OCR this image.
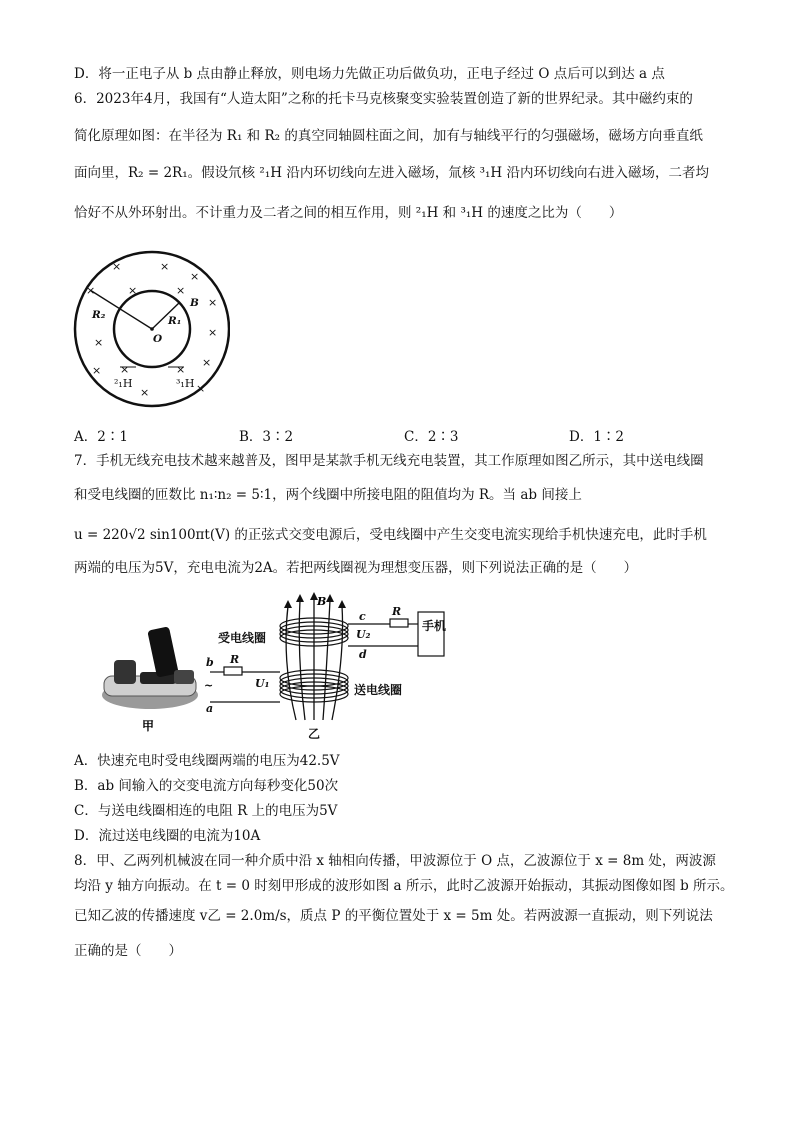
D．将一正电子从 b 点由静止释放，则电场力先做正功后做负功，正电子经过 O 点后可以到达 a 点
6．2023年4月，我国有“人造太阳”之称的托卡马克核聚变实验装置创造了新的世界纪录。其中磁约束的
简化原理如图：在半径为 R₁ 和 R₂ 的真空同轴圆柱面之间，加有与轴线平行的匀强磁场，磁场方向垂直纸
面向里，R₂ = 2R₁。假设氘核 ²₁H 沿内环切线向左进入磁场，氚核 ³₁H 沿内环切线向右进入磁场，二者均
恰好不从外环射出。不计重力及二者之间的相互作用，则 ²₁H 和 ³₁H 的速度之比为（　　）
×	×
×
×	×	×
×
×
×
×
×
×	×
×	×
R₂	R₁
O
B
²₁H	³₁H
A．2∶1	B．3∶2	C．2∶3	D．1∶2
7．手机无线充电技术越来越普及，图甲是某款手机无线充电装置，其工作原理如图乙所示，其中送电线圈
和受电线圈的匝数比 n₁∶n₂ = 5∶1，两个线圈中所接电阻的阻值均为 R。当 ab 间接上
u = 220√2 sin100πt(V) 的正弦式交变电源后，受电线圈中产生交变电流实现给手机快速充电，此时手机
两端的电压为5V，充电电流为2A。若把两线圈视为理想变压器，则下列说法正确的是（　　）
甲
B
c
d
R
U₂
手机
受电线圈
送电线圈
乙
b
a
R
U₁
~
A．快速充电时受电线圈两端的电压为42.5V
B．ab 间输入的交变电流方向每秒变化50次
C．与送电线圈相连的电阻 R 上的电压为5V
D．流过送电线圈的电流为10A
8．甲、乙两列机械波在同一种介质中沿 x 轴相向传播，甲波源位于 O 点，乙波源位于 x = 8m 处，两波源
均沿 y 轴方向振动。在 t = 0 时刻甲形成的波形如图 a 所示，此时乙波源开始振动，其振动图像如图 b 所示。
已知乙波的传播速度 v乙 = 2.0m/s，质点 P 的平衡位置处于 x = 5m 处。若两波源一直振动，则下列说法
正确的是（　　）
